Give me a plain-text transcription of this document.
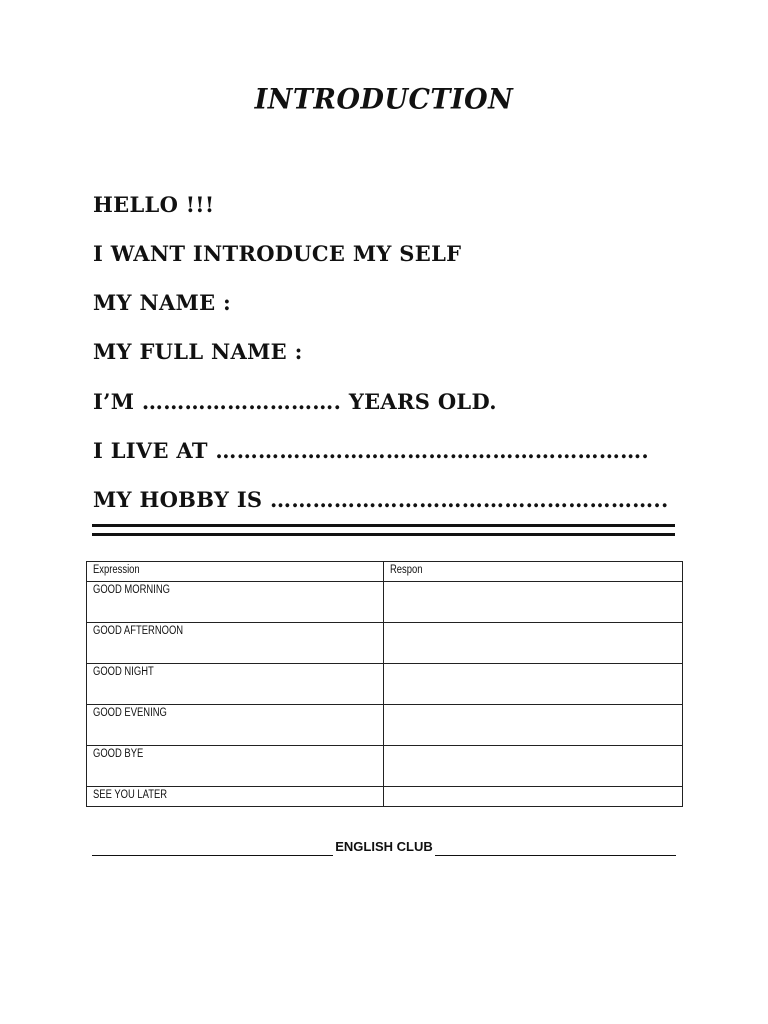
INTRODUCTION
HELLO !!!
I WANT INTRODUCE MY SELF
MY NAME :
MY FULL NAME :
I’M ………………………. YEARS OLD.
I LIVE AT …………………………………………………….
MY HOBBY IS ………………………………………………..
Expression	Respon
GOOD MORNING	
GOOD AFTERNOON	
GOOD NIGHT	
GOOD EVENING	
GOOD BYE	
SEE YOU LATER	
ENGLISH CLUB
